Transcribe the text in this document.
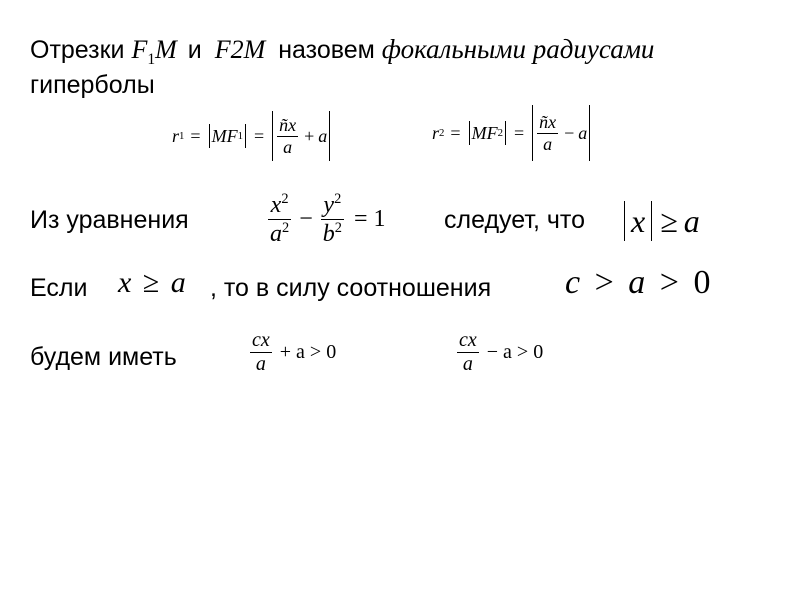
Отрезки $F_1M$ и F2M назовем фокальными радиусами
гиперболы
r 1 = MF $1 = \frac{ñx}{a} + a$	r 2 = MF $2 = \frac{ñx}{a} - a$
Из уравнения	$\frac{x^2}{a^2} - \frac{y^2}{b^2} = 1$ следует, что x ≥ a
Если x ≥ a , то в силу соотношения c > a > 0
будем иметь	$\frac{cx}{a} + a > 0$	$\frac{cx}{a} - a > 0$
